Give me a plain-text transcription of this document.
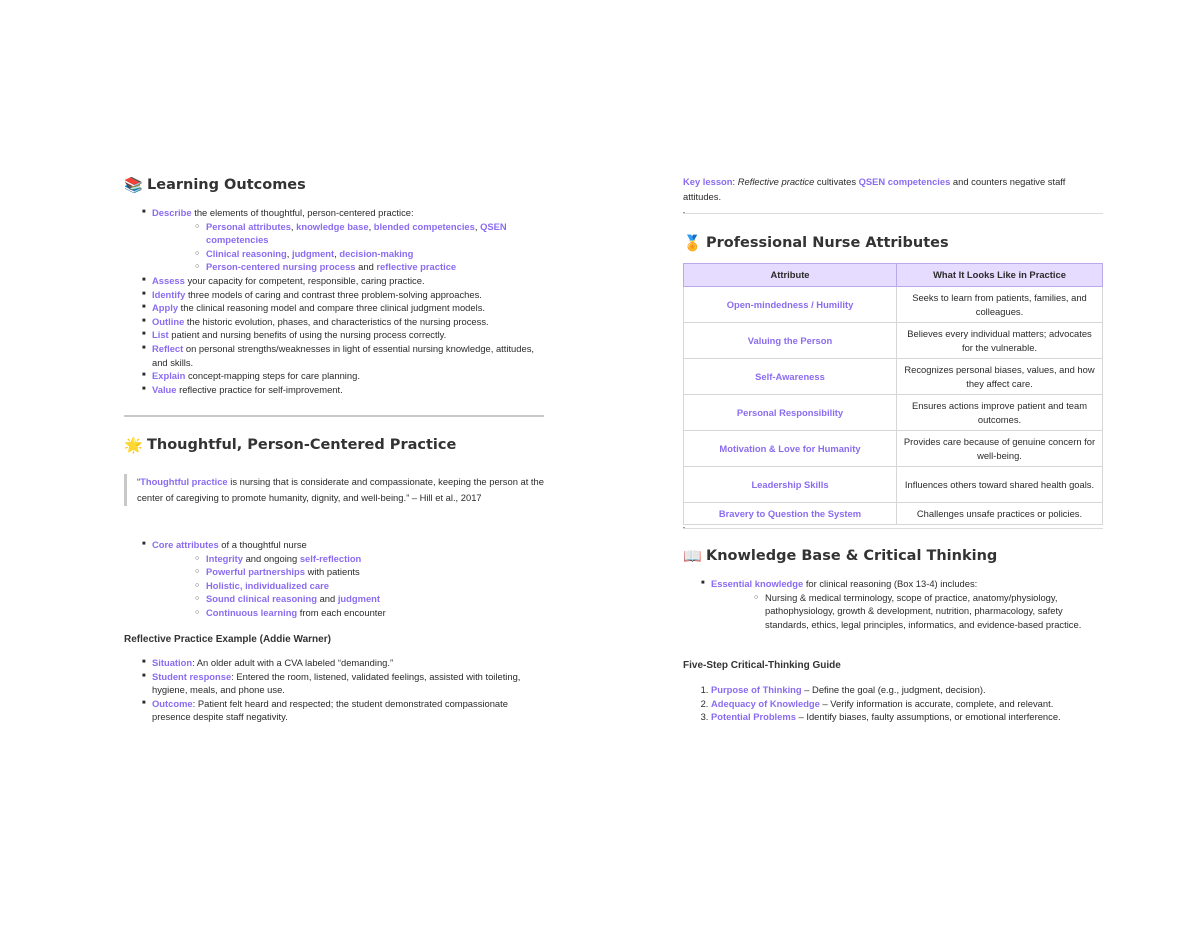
📚 Learning Outcomes
■ Describe the elements of thoughtful, person-centered practice:
○ Personal attributes, knowledge base, blended competencies, QSEN competencies
○ Clinical reasoning, judgment, decision-making
○ Person-centered nursing process and reflective practice
■ Assess your capacity for competent, responsible, caring practice.
■ Identify three models of caring and contrast three problem-solving approaches.
■ Apply the clinical reasoning model and compare three clinical judgment models.
■ Outline the historic evolution, phases, and characteristics of the nursing process.
■ List patient and nursing benefits of using the nursing process correctly.
■ Reflect on personal strengths/weaknesses in light of essential nursing knowledge, attitudes, and skills.
■ Explain concept-mapping steps for care planning.
■ Value reflective practice for self-improvement.
🌟 Thoughtful, Person-Centered Practice
“Thoughtful practice is nursing that is considerate and compassionate, keeping the person at the center of caregiving to promote humanity, dignity, and well-being.” – Hill et al., 2017
■ Core attributes of a thoughtful nurse
○ Integrity and ongoing self-reflection
○ Powerful partnerships with patients
○ Holistic, individualized care
○ Sound clinical reasoning and judgment
○ Continuous learning from each encounter
Reflective Practice Example (Addie Warner)
■ Situation: An older adult with a CVA labeled “demanding.”
■ Student response: Entered the room, listened, validated feelings, assisted with toileting, hygiene, meals, and phone use.
■ Outcome: Patient felt heard and respected; the student demonstrated compassionate presence despite staff negativity.
Key lesson: Reflective practice cultivates QSEN competencies and counters negative staff attitudes.
🏅 Professional Nurse Attributes
Attribute	What It Looks Like in Practice
Open-mindedness / Humility	Seeks to learn from patients, families, and colleagues.
Valuing the Person	Believes every individual matters; advocates for the vulnerable.
Self-Awareness	Recognizes personal biases, values, and how they affect care.
Personal Responsibility	Ensures actions improve patient and team outcomes.
Motivation & Love for Humanity	Provides care because of genuine concern for well-being.
Leadership Skills	Influences others toward shared health goals.
Bravery to Question the System	Challenges unsafe practices or policies.
📖 Knowledge Base & Critical Thinking
■ Essential knowledge for clinical reasoning (Box 13-4) includes:
○ Nursing & medical terminology, scope of practice, anatomy/physiology, pathophysiology, growth & development, nutrition, pharmacology, safety standards, ethics, legal principles, informatics, and evidence-based practice.
Five-Step Critical-Thinking Guide
1. Purpose of Thinking – Define the goal (e.g., judgment, decision).
2. Adequacy of Knowledge – Verify information is accurate, complete, and relevant.
3. Potential Problems – Identify biases, faulty assumptions, or emotional interference.
